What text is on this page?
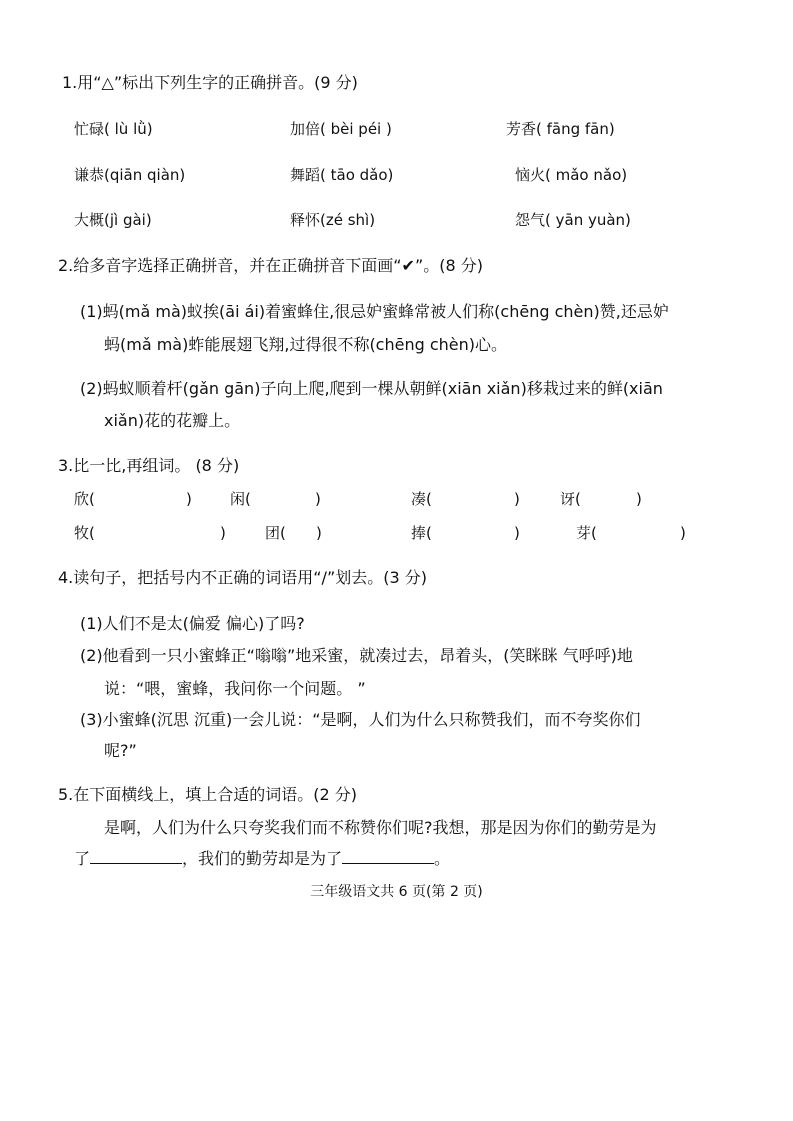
1.用“△”标出下列生字的正确拼音。(9 分)
忙碌( lù lǜ)	加倍( bèi péi )	芳香( fāng fān)
谦恭(qiān qiàn)	舞蹈( tāo dǎo)	恼火( mǎo nǎo)
大概(jì gài)	释怀(zé shì)	怨气( yān yuàn)
2.给多音字选择正确拼音，并在正确拼音下面画“✔”。(8 分)
(1)蚂(mǎ mà)蚁挨(āi ái)着蜜蜂住,很忌妒蜜蜂常被人们称(chēng chèn)赞,还忌妒
蚂(mǎ mà)蚱能展翅飞翔,过得很不称(chēng chèn)心。
(2)蚂蚁顺着杆(gǎn gān)子向上爬,爬到一棵从朝鲜(xiān xiǎn)移栽过来的鲜(xiān
xiǎn)花的花瓣上。
3.比一比,再组词。 (8 分)
欣(	)	闲(	)	凑(	)	讶(	)
牧(	)	团( )	捧(	)	芽(	)
4.读句子，把括号内不正确的词语用“/”划去。(3 分)
(1)人们不是太(偏爱 偏心)了吗?
(2)他看到一只小蜜蜂正“嗡嗡”地采蜜，就凑过去，昂着头，(笑眯眯 气呼呼)地
说：“喂，蜜蜂，我问你一个问题。 ”
(3)小蜜蜂(沉思 沉重)一会儿说：“是啊，人们为什么只称赞我们，而不夸奖你们
呢?”
5.在下面横线上，填上合适的词语。(2 分)
是啊，人们为什么只夸奖我们而不称赞你们呢?我想，那是因为你们的勤劳是为
了	，我们的勤劳却是为了	。
三年级语文共 6 页(第 2 页)
